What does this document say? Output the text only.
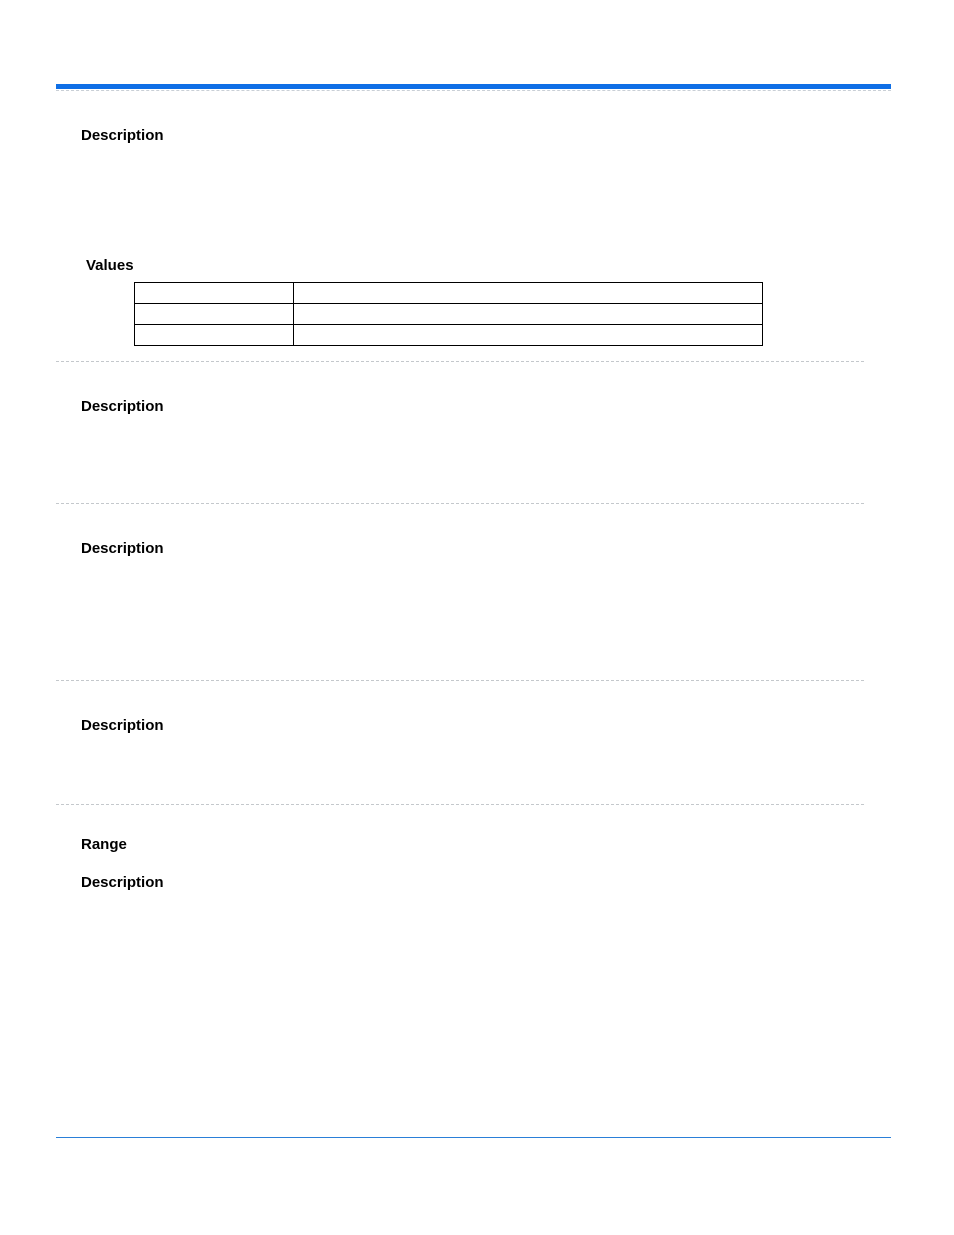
Description
Values

Description
Description
Description
Range
Description
